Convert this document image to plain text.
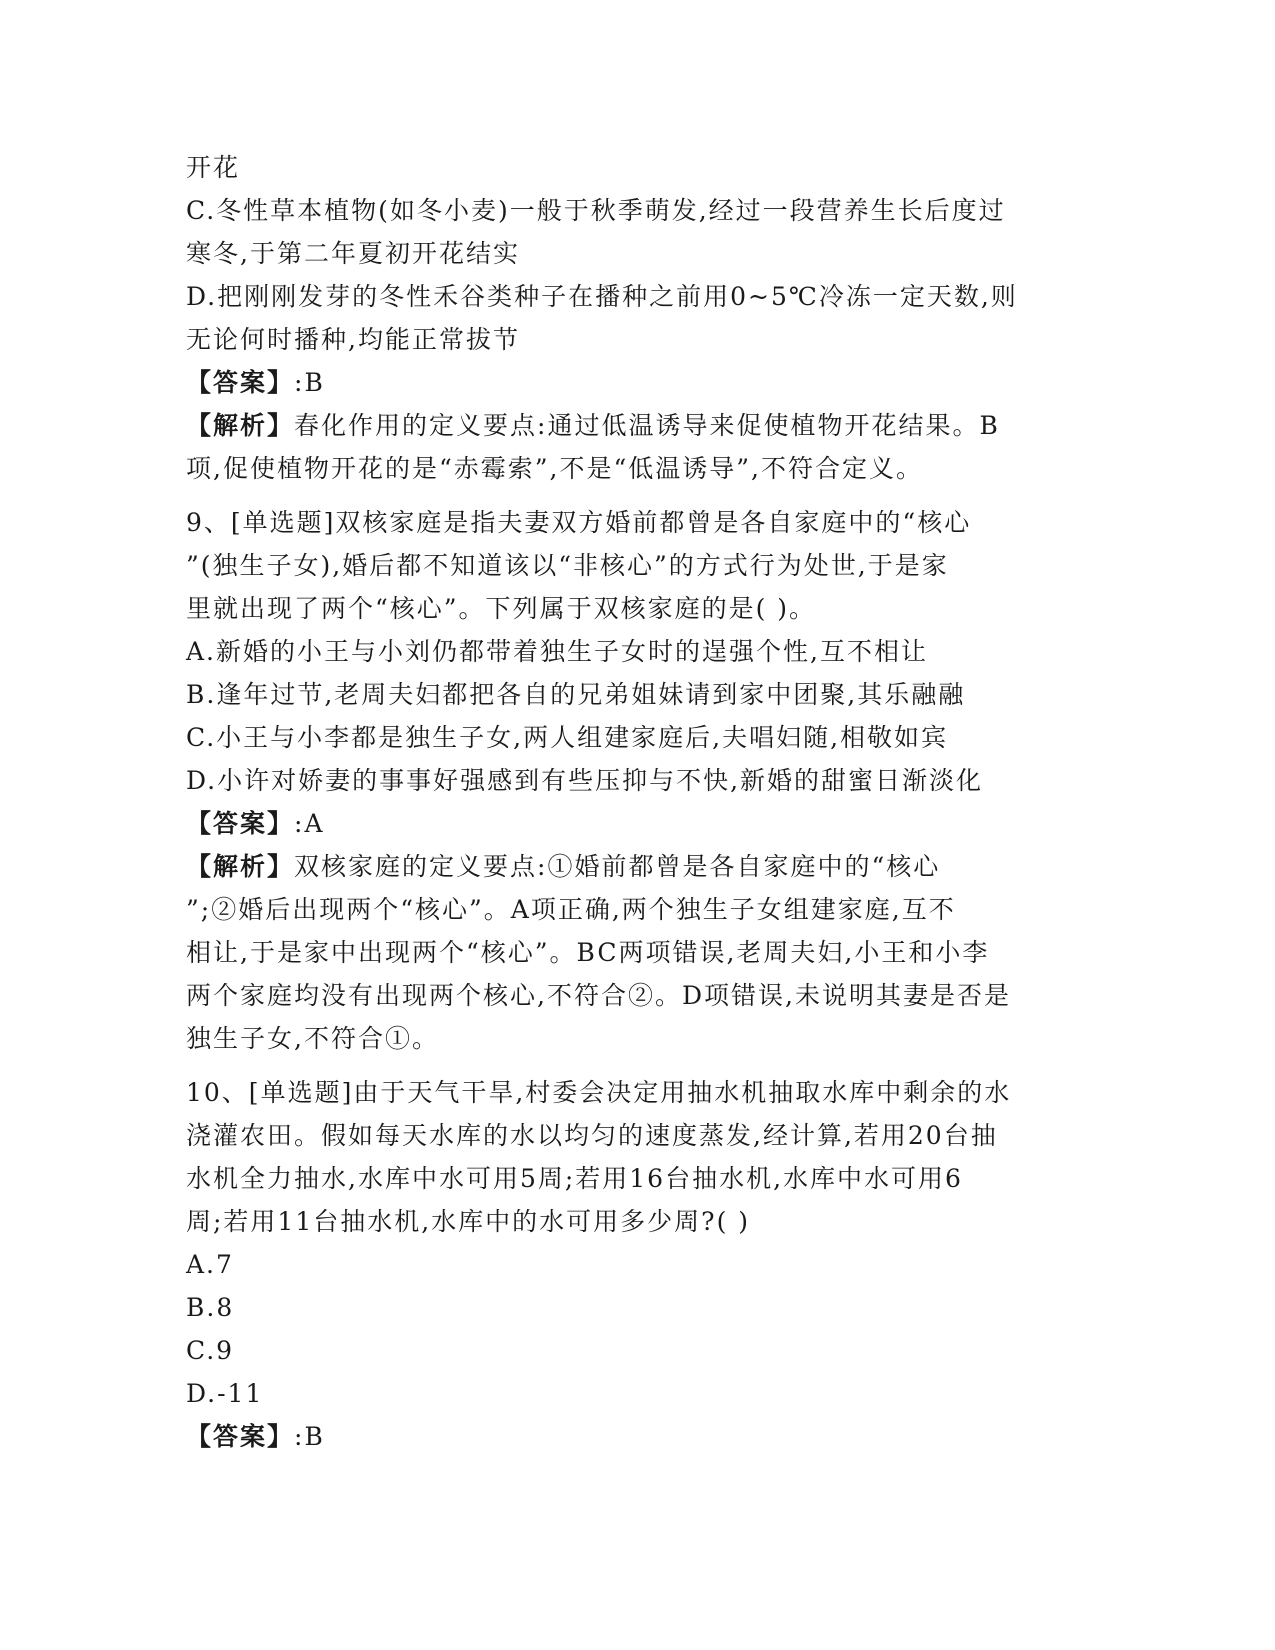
开花
C.冬性草本植物(如冬小麦)一般于秋季萌发,经过一段营养生长后度过
寒冬,于第二年夏初开花结实
D.把刚刚发芽的冬性禾谷类种子在播种之前用0~5℃冷冻一定天数,则
无论何时播种,均能正常拔节
【答案】:B
【解析】春化作用的定义要点:通过低温诱导来促使植物开花结果。B
项,促使植物开花的是“赤霉索”,不是“低温诱导”,不符合定义。
9、[单选题]双核家庭是指夫妻双方婚前都曾是各自家庭中的“核心
”(独生子女),婚后都不知道该以“非核心”的方式行为处世,于是家
里就出现了两个“核心”。下列属于双核家庭的是( )。
A.新婚的小王与小刘仍都带着独生子女时的逞强个性,互不相让
B.逢年过节,老周夫妇都把各自的兄弟姐妹请到家中团聚,其乐融融
C.小王与小李都是独生子女,两人组建家庭后,夫唱妇随,相敬如宾
D.小许对娇妻的事事好强感到有些压抑与不快,新婚的甜蜜日渐淡化
【答案】:A
【解析】双核家庭的定义要点:①婚前都曾是各自家庭中的“核心
”;②婚后出现两个“核心”。A项正确,两个独生子女组建家庭,互不
相让,于是家中出现两个“核心”。BC两项错误,老周夫妇,小王和小李
两个家庭均没有出现两个核心,不符合②。D项错误,未说明其妻是否是
独生子女,不符合①。
10、[单选题]由于天气干旱,村委会决定用抽水机抽取水库中剩余的水
浇灌农田。假如每天水库的水以均匀的速度蒸发,经计算,若用20台抽
水机全力抽水,水库中水可用5周;若用16台抽水机,水库中水可用6
周;若用11台抽水机,水库中的水可用多少周?( )
A.7
B.8
C.9
D.-11
【答案】:B
